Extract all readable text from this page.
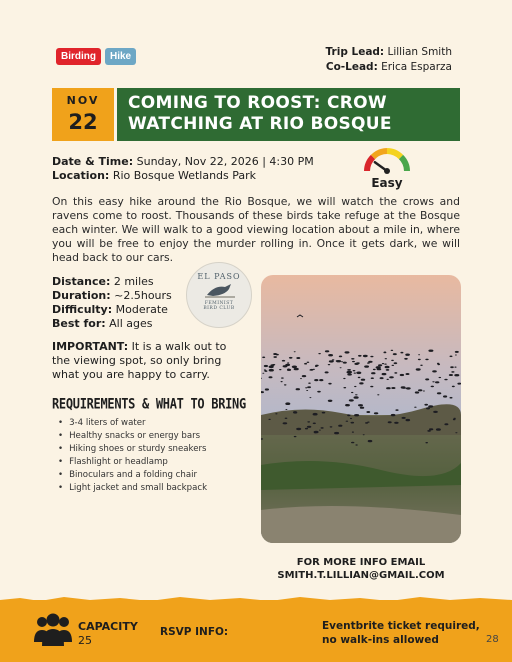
Birding	Hike	Trip Lead: Lillian Smith
Co-Lead: Erica Esparza
NOV
22
COMING TO ROOST: CROW
WATCHING AT RIO BOSQUE
Date & Time: Sunday, Nov 22, 2026 | 4:30 PM
Location: Rio Bosque Wetlands Park
Easy
On this easy hike around the Rio Bosque, we will watch the crows and ravens come to roost. Thousands of these birds take refuge at the Bosque each winter. We will walk to a good viewing location about a mile in, where you will be free to enjoy the murder rolling in. Once it gets dark, we will head back to our cars.
Distance: 2 miles
Duration: ~2.5hours
Difficulty: Moderate
Best for: All ages
EL PASO
FEMINIST
BIRD CLUB
IMPORTANT: It is a walk out to the viewing spot, so only bring what you are happy to carry.
REQUIREMENTS & WHAT TO BRING
• 3-4 liters of water
• Healthy snacks or energy bars
• Hiking shoes or sturdy sneakers
• Flashlight or headlamp
• Binoculars and a folding chair
• Light jacket and small backpack
FOR MORE INFO EMAIL
SMITH.T.LILLIAN@GMAIL.COM
CAPACITY
25
RSVP INFO:	Eventbrite ticket required,
no walk-ins allowed	28
